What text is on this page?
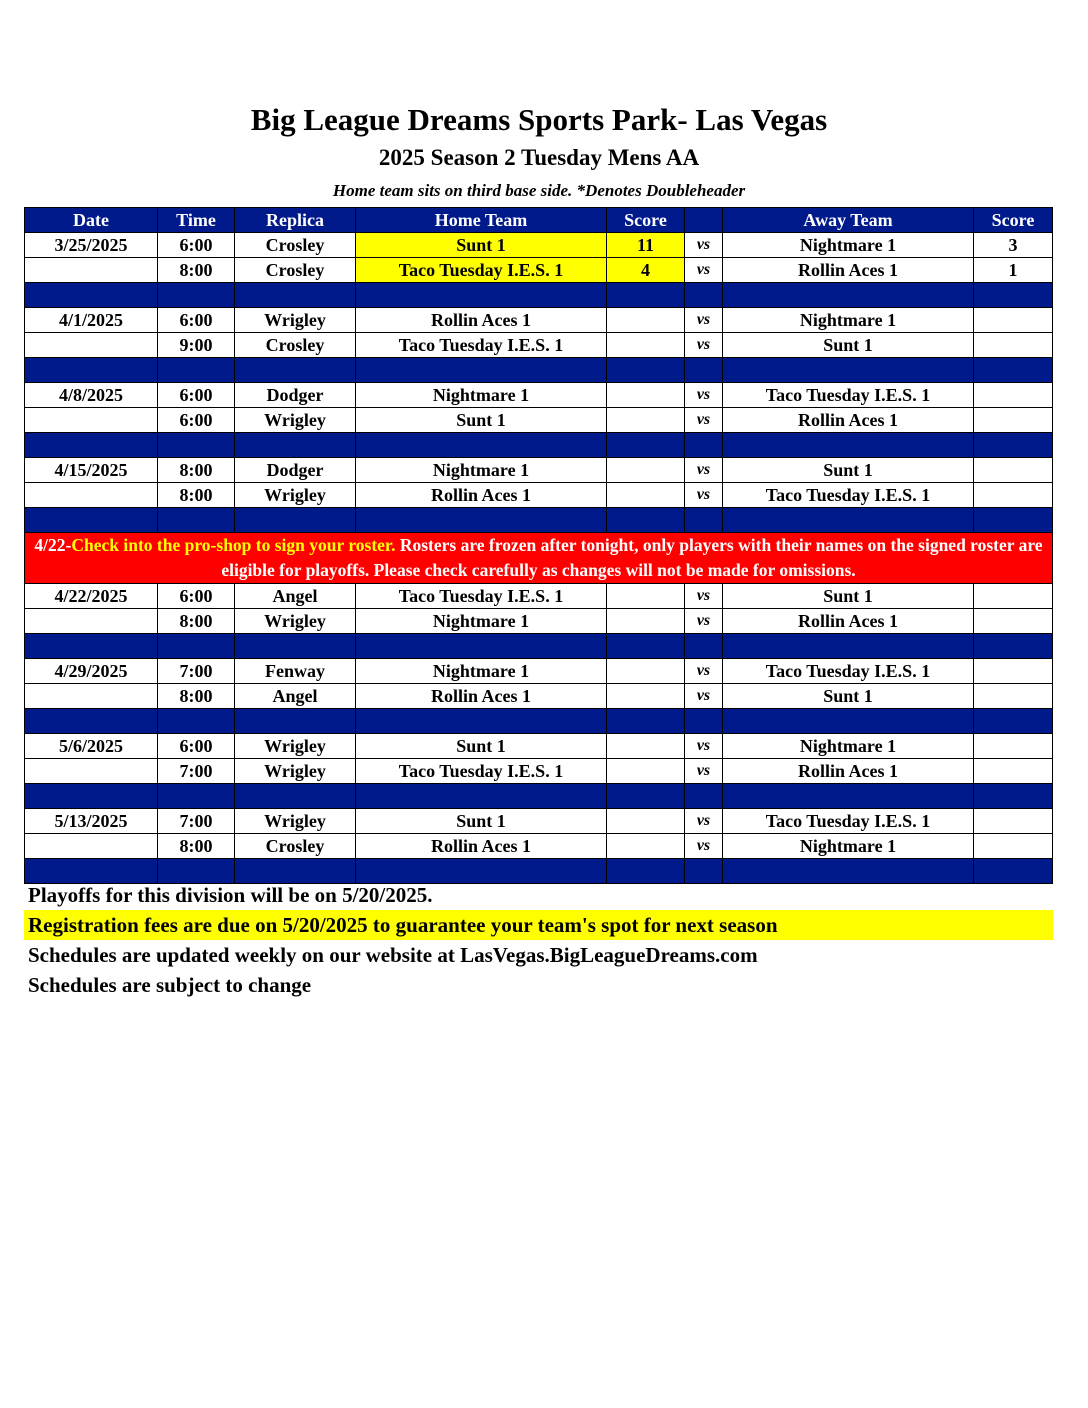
Big League Dreams Sports Park- Las Vegas
2025 Season 2 Tuesday Mens AA
Home team sits on third base side. *Denotes Doubleheader
Date	Time	Replica	Home Team	Score		Away Team	Score
3/25/2025	6:00	Crosley	Sunt 1	11	vs	Nightmare 1	3
	8:00	Crosley	Taco Tuesday I.E.S. 1	4	vs	Rollin Aces 1	1

4/1/2025	6:00	Wrigley	Rollin Aces 1		vs	Nightmare 1	
	9:00	Crosley	Taco Tuesday I.E.S. 1		vs	Sunt 1	

4/8/2025	6:00	Dodger	Nightmare 1		vs	Taco Tuesday I.E.S. 1	
	6:00	Wrigley	Sunt 1		vs	Rollin Aces 1	

4/15/2025	8:00	Dodger	Nightmare 1		vs	Sunt 1	
	8:00	Wrigley	Rollin Aces 1		vs	Taco Tuesday I.E.S. 1	

4/22-Check into the pro-shop to sign your roster. Rosters are frozen after tonight, only players with their names on the signed roster are eligible for playoffs. Please check carefully as changes will not be made for omissions.							
4/22/2025	6:00	Angel	Taco Tuesday I.E.S. 1		vs	Sunt 1	
	8:00	Wrigley	Nightmare 1		vs	Rollin Aces 1	

4/29/2025	7:00	Fenway	Nightmare 1		vs	Taco Tuesday I.E.S. 1	
	8:00	Angel	Rollin Aces 1		vs	Sunt 1	

5/6/2025	6:00	Wrigley	Sunt 1		vs	Nightmare 1	
	7:00	Wrigley	Taco Tuesday I.E.S. 1		vs	Rollin Aces 1	

5/13/2025	7:00	Wrigley	Sunt 1		vs	Taco Tuesday I.E.S. 1	
	8:00	Crosley	Rollin Aces 1		vs	Nightmare 1	

Playoffs for this division will be on 5/20/2025.
Registration fees are due on 5/20/2025 to guarantee your team's spot for next season
Schedules are updated weekly on our website at LasVegas.BigLeagueDreams.com
Schedules are subject to change
